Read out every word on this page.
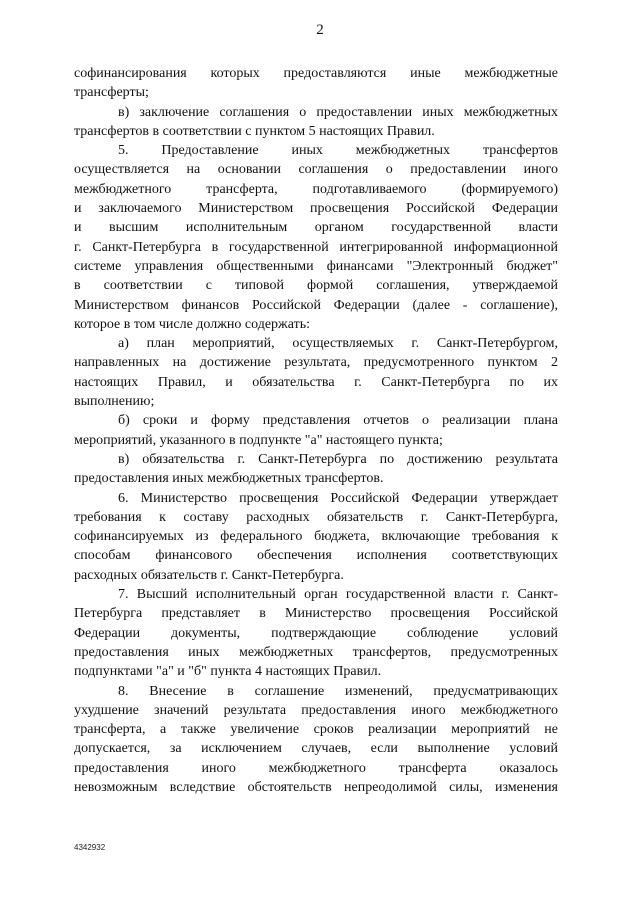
2
софинансирования которых предоставляются иные межбюджетные
трансферты;
в) заключение соглашения о предоставлении иных межбюджетных
трансфертов в соответствии с пунктом 5 настоящих Правил.
5. Предоставление иных межбюджетных трансфертов
осуществляется на основании соглашения о предоставлении иного
межбюджетного трансферта, подготавливаемого (формируемого)
и заключаемого Министерством просвещения Российской Федерации
и высшим исполнительным органом государственной власти
г. Санкт-Петербурга в государственной интегрированной информационной
системе управления общественными финансами "Электронный бюджет"
в соответствии с типовой формой соглашения, утверждаемой
Министерством финансов Российской Федерации (далее - соглашение),
которое в том числе должно содержать:
а) план мероприятий, осуществляемых г. Санкт-Петербургом,
направленных на достижение результата, предусмотренного пунктом 2
настоящих Правил, и обязательства г. Санкт-Петербурга по их
выполнению;
б) сроки и форму представления отчетов о реализации плана
мероприятий, указанного в подпункте "а" настоящего пункта;
в) обязательства г. Санкт-Петербурга по достижению результата
предоставления иных межбюджетных трансфертов.
6. Министерство просвещения Российской Федерации утверждает
требования к составу расходных обязательств г. Санкт-Петербурга,
софинансируемых из федерального бюджета, включающие требования к
способам финансового обеспечения исполнения соответствующих
расходных обязательств г. Санкт-Петербурга.
7. Высший исполнительный орган государственной власти г. Санкт-
Петербурга представляет в Министерство просвещения Российской
Федерации документы, подтверждающие соблюдение условий
предоставления иных межбюджетных трансфертов, предусмотренных
подпунктами "а" и "б" пункта 4 настоящих Правил.
8. Внесение в соглашение изменений, предусматривающих
ухудшение значений результата предоставления иного межбюджетного
трансферта, а также увеличение сроков реализации мероприятий не
допускается, за исключением случаев, если выполнение условий
предоставления иного межбюджетного трансферта оказалось
невозможным вследствие обстоятельств непреодолимой силы, изменения
4342932
